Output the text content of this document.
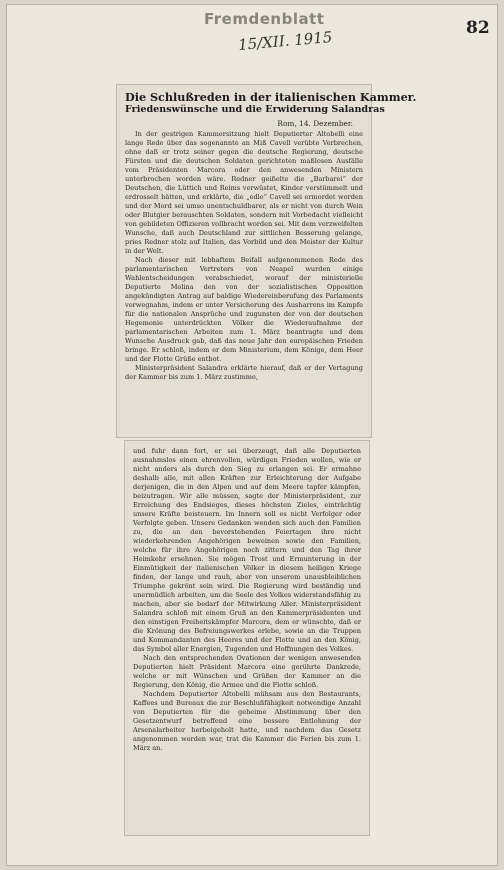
Fremdenblatt	82
15/XII. 1915
Die Schlußreden in der italienischen Kammer.
Friedenswünsche und die Erwiderung Salandras
Rom, 14. Dezember.

In der gestrigen Kammersitzung hielt Deputierter Altobelli eine lange Rede über das sogenannte an Miß Cavell verübte Verbrechen, ohne daß er trotz seiner gegen die deutsche Regierung, deutsche Fürsten und die deutschen Soldaten gerichteten maßlosen Ausfälle vom Präsidenten Marcora oder den anwesenden Ministern unterbrochen worden wäre. Redner geißelte die „Barbarei“ der Deutschen, die Lüttich und Reims verwüstet, Kinder verstümmelt und erdrosselt hätten, und erklärte, die „edle“ Cavell sei ermordet worden und der Mord sei umso unentschuldbarer, als er nicht von durch Wein oder Blutgier berauschten Soldaten, sondern mit Vorbedacht vielleicht von gebildeten Offizieren vollbracht worden sei. Mit dem verzweifelten Wunsche, daß auch Deutschland zur sittlichen Besserung gelange, pries Redner stolz auf Italien, das Vorbild und den Meister der Kultur in der Welt.

Nach dieser mit lebhaftem Beifall aufgenommenen Rede des parlamentarischen Vertreters von Neapel wurden einige Wahlentscheidungen verabschiedet, worauf der ministerielle Deputierte Molina den von der sozialistischen Opposition angekündigten Antrag auf baldige Wiedereinberufung des Parlaments vorwegnahm, indem er unter Versicherung des Ausharrens im Kampfe für die nationalen Ansprüche und zugunsten der von der deutschen Hegemonie unterdrückten Völker die Wiederaufnahme der parlamentarischen Arbeiten zum 1. März beantragte und dem Wunsche Ausdruck gab, daß das neue Jahr den europäischen Frieden bringe. Er schloß, indem er dem Ministerium, dem Könige, dem Heer und der Flotte Grüße entbot.

Ministerpräsident Salandra erklärte hierauf, daß er der Vertagung der Kammer bis zum 1. März zustimme,

und fuhr dann fort, er sei überzeugt, daß alle Deputierten ausnahmslos einen ehrenvollen, würdigen Frieden wollen, wie er nicht anders als durch den Sieg zu erlangen sei. Er ermahne deshalb alle, mit allen Kräften zur Erleichterung der Aufgabe derjenigen, die in den Alpen und auf dem Meere tapfer kämpfen, beizutragen. Wir alle müssen, sagte der Ministerpräsident, zur Erreichung des Endsieges, dieses höchsten Zieles, einträchtig unsere Kräfte beisteuern. Im Innern soll es nicht Verfolger oder Verfolgte geben. Unsere Gedanken wenden sich auch den Familien zu, die an den bevorstehenden Feiertagen ihre nicht wiederkehrenden Angehörigen beweinen sowie den Familien, welche für ihre Angehörigen noch zittern und den Tag ihrer Heimkehr ersehnen. Sie mögen Trost und Ermunterung in der Einmütigkeit der italienischen Völker in diesem heiligen Kriege finden, der lange und rauh, aber von unserem unausbleiblichen Triumphe gekrönt sein wird. Die Regierung wird beständig und unermüdlich arbeiten, um die Seele des Volkes widerstandsfähig zu machen, aber sie bedarf der Mitwirkung Aller. Ministerpräsident Salandra schloß mit einem Gruß an den Kammerpräsidenten und den einstigen Freiheitskämpfer Marcora, dem er wünschte, daß er die Krönung des Befreiungswerkes erlebe, sowie an die Truppen und Kommandanten des Heeres und der Flotte und an den König, das Symbol aller Energien, Tugenden und Hoffnungen des Volkes.

Nach den entsprechenden Ovationen der wenigen anwesenden Deputierten hielt Präsident Marcora eine gerührte Dankrede, welche er mit Wünschen und Grüßen der Kammer an die Regierung, den König, die Armee und die Flotte schloß.

Nachdem Deputierter Altobelli mühsam aus den Restaurants, Kaffees und Bureaux die zur Beschlußfähigkeit notwendige Anzahl von Deputierten für die geheime Abstimmung über den Gesetzentwurf betreffend eine bessere Entlohnung der Arsenalarbeiter herbeigeholt hatte, und nachdem das Gesetz angenommen worden war, trat die Kammer die Ferien bis zum 1. März an.
